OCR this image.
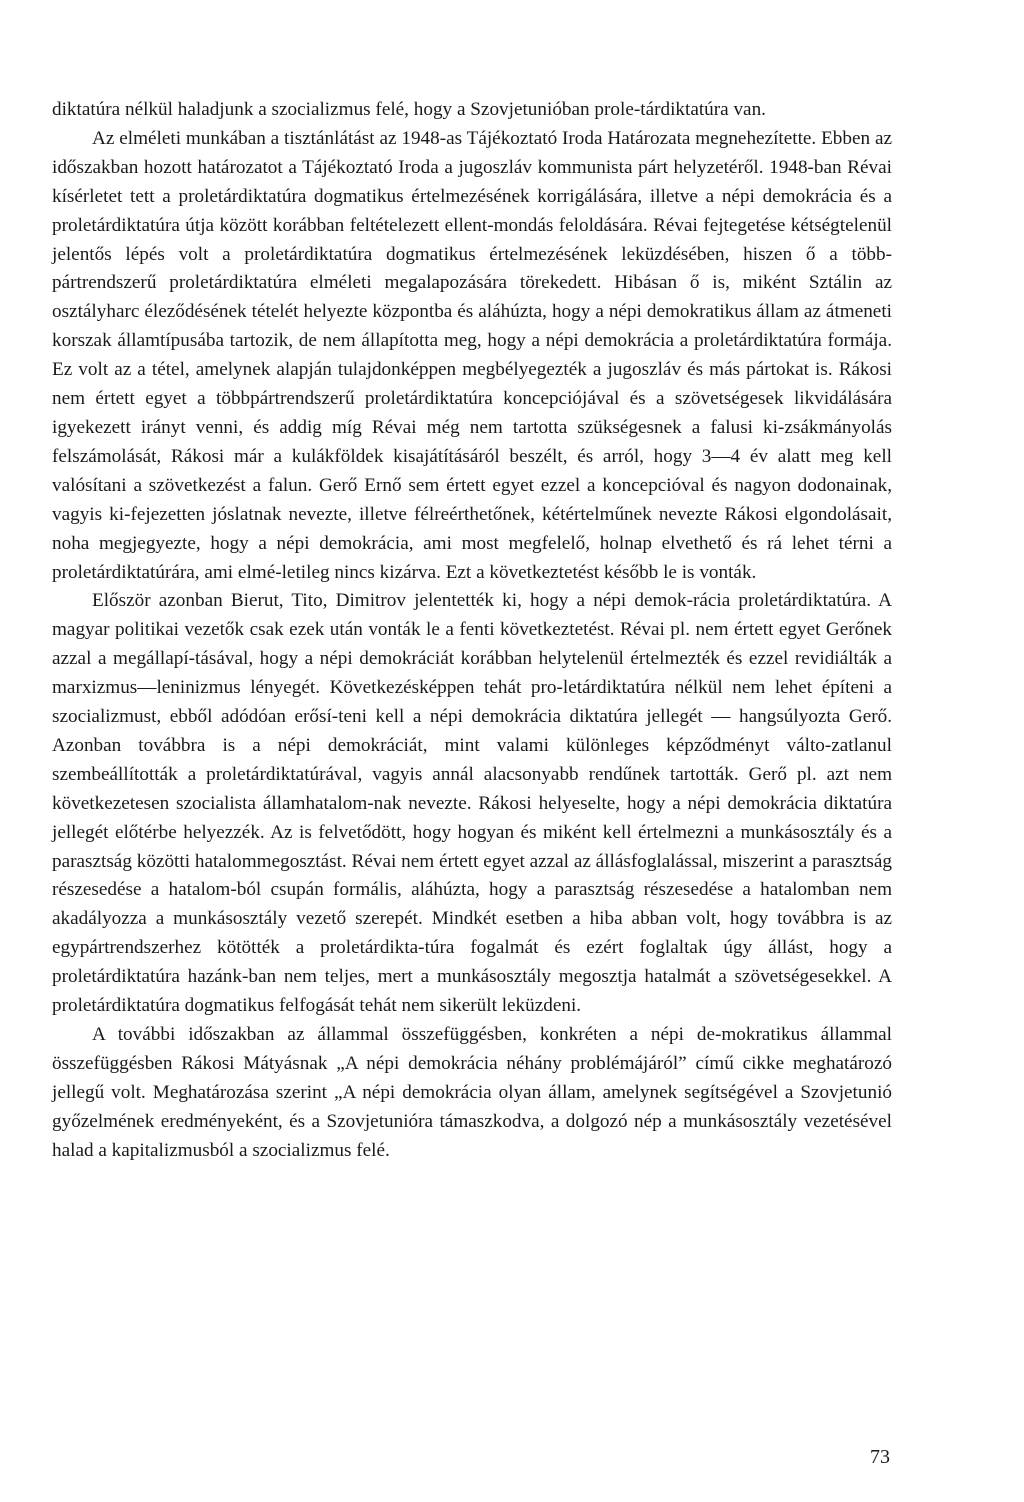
diktatúra nélkül haladjunk a szocializmus felé, hogy a Szovjetunióban prole-tárdiktatúra van.

Az elméleti munkában a tisztánlátást az 1948-as Tájékoztató Iroda Határozata megnehezítette. Ebben az időszakban hozott határozatot a Tájékoztató Iroda a jugoszláv kommunista párt helyzetéről. 1948-ban Révai kísérletet tett a proletárdiktatúra dogmatikus értelmezésének korrigálására, illetve a népi demokrácia és a proletárdiktatúra útja között korábban feltételezett ellent-mondás feloldására. Révai fejtegetése kétségtelenül jelentős lépés volt a proletárdiktatúra dogmatikus értelmezésének leküzdésében, hiszen ő a több-pártrendszerű proletárdiktatúra elméleti megalapozására törekedett. Hibásan ő is, miként Sztálin az osztályharc éleződésének tételét helyezte központba és aláhúzta, hogy a népi demokratikus állam az átmeneti korszak államtípusába tartozik, de nem állapította meg, hogy a népi demokrácia a proletárdiktatúra formája. Ez volt az a tétel, amelynek alapján tulajdonképpen megbélyegezték a jugoszláv és más pártokat is. Rákosi nem értett egyet a többpártrendszerű proletárdiktatúra koncepciójával és a szövetségesek likvidálására igyekezett irányt venni, és addig míg Révai még nem tartotta szükségesnek a falusi ki-zsákmányolás felszámolását, Rákosi már a kulákföldek kisajátításáról beszélt, és arról, hogy 3—4 év alatt meg kell valósítani a szövetkezést a falun. Gerő Ernő sem értett egyet ezzel a koncepcióval és nagyon dodonainak, vagyis ki-fejezetten jóslatnak nevezte, illetve félreérthetőnek, kétértelműnek nevezte Rákosi elgondolásait, noha megjegyezte, hogy a népi demokrácia, ami most megfelelő, holnap elvethető és rá lehet térni a proletárdiktatúrára, ami elmé-letileg nincs kizárva. Ezt a következtetést később le is vonták.

Először azonban Bierut, Tito, Dimitrov jelentették ki, hogy a népi demok-rácia proletárdiktatúra. A magyar politikai vezetők csak ezek után vonták le a fenti következtetést. Révai pl. nem értett egyet Gerőnek azzal a megállapí-tásával, hogy a népi demokráciát korábban helytelenül értelmezték és ezzel revidiálták a marxizmus—leninizmus lényegét. Következésképpen tehát pro-letárdiktatúra nélkül nem lehet építeni a szocializmust, ebből adódóan erősí-teni kell a népi demokrácia diktatúra jellegét — hangsúlyozta Gerő. Azonban továbbra is a népi demokráciát, mint valami különleges képződményt válto-zatlanul szembeállították a proletárdiktatúrával, vagyis annál alacsonyabb rendűnek tartották. Gerő pl. azt nem következetesen szocialista államhatalom-nak nevezte. Rákosi helyeselte, hogy a népi demokrácia diktatúra jellegét előtérbe helyezzék. Az is felvetődött, hogy hogyan és miként kell értelmezni a munkásosztály és a parasztság közötti hatalommegosztást. Révai nem értett egyet azzal az állásfoglalással, miszerint a parasztság részesedése a hatalom-ból csupán formális, aláhúzta, hogy a parasztság részesedése a hatalomban nem akadályozza a munkásosztály vezető szerepét. Mindkét esetben a hiba abban volt, hogy továbbra is az egypártrendszerhez kötötték a proletárdikta-túra fogalmát és ezért foglaltak úgy állást, hogy a proletárdiktatúra hazánk-ban nem teljes, mert a munkásosztály megosztja hatalmát a szövetségesekkel. A proletárdiktatúra dogmatikus felfogását tehát nem sikerült leküzdeni.

A további időszakban az állammal összefüggésben, konkréten a népi de-mokratikus állammal összefüggésben Rákosi Mátyásnak „A népi demokrácia néhány problémájáról” című cikke meghatározó jellegű volt. Meghatározása szerint „A népi demokrácia olyan állam, amelynek segítségével a Szovjetunió győzelmének eredményeként, és a Szovjetunióra támaszkodva, a dolgozó nép a munkásosztály vezetésével halad a kapitalizmusból a szocializmus felé.

73
